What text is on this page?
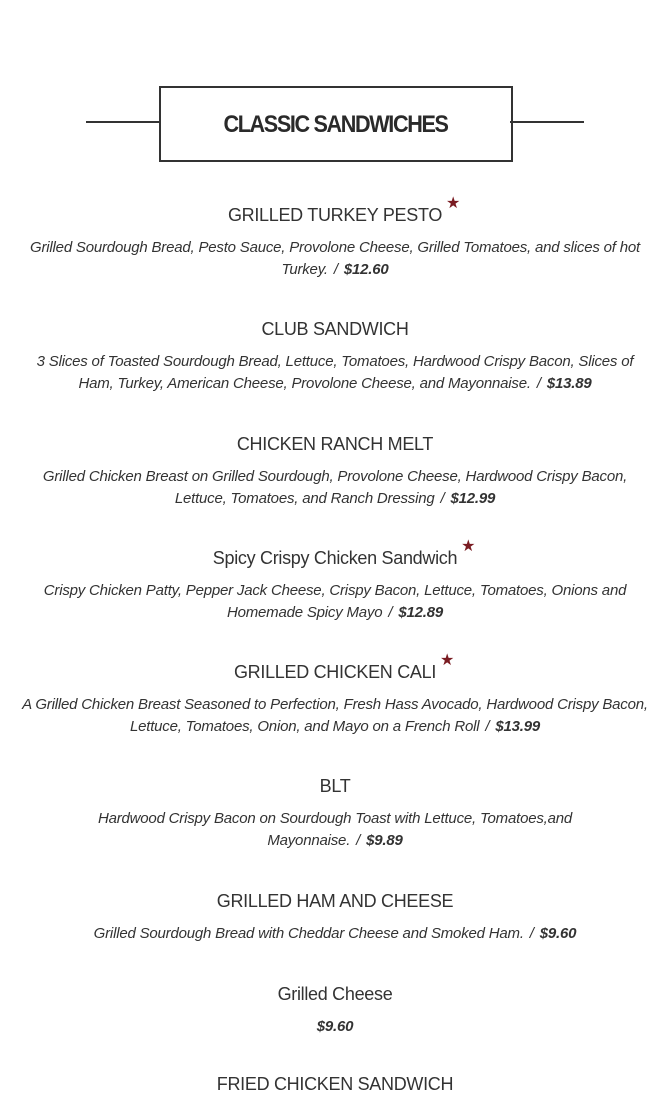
CLASSIC SANDWICHES
GRILLED TURKEY PESTO
★
Grilled Sourdough Bread, Pesto Sauce, Provolone Cheese, Grilled Tomatoes, and slices of hot Turkey. / $12.60
CLUB SANDWICH
3 Slices of Toasted Sourdough Bread, Lettuce, Tomatoes, Hardwood Crispy Bacon, Slices of Ham, Turkey, American Cheese, Provolone Cheese, and Mayonnaise. / $13.89
CHICKEN RANCH MELT
Grilled Chicken Breast on Grilled Sourdough, Provolone Cheese, Hardwood Crispy Bacon, Lettuce, Tomatoes, and Ranch Dressing / $12.99
Spicy Crispy Chicken Sandwich
★
Crispy Chicken Patty, Pepper Jack Cheese, Crispy Bacon, Lettuce, Tomatoes, Onions and Homemade Spicy Mayo / $12.89
GRILLED CHICKEN CALI
★
A Grilled Chicken Breast Seasoned to Perfection, Fresh Hass Avocado, Hardwood Crispy Bacon, Lettuce, Tomatoes, Onion, and Mayo on a French Roll / $13.99
BLT
Hardwood Crispy Bacon on Sourdough Toast with Lettuce, Tomatoes,and Mayonnaise. / $9.89
GRILLED HAM AND CHEESE
Grilled Sourdough Bread with Cheddar Cheese and Smoked Ham. / $9.60
Grilled Cheese
$9.60
FRIED CHICKEN SANDWICH
